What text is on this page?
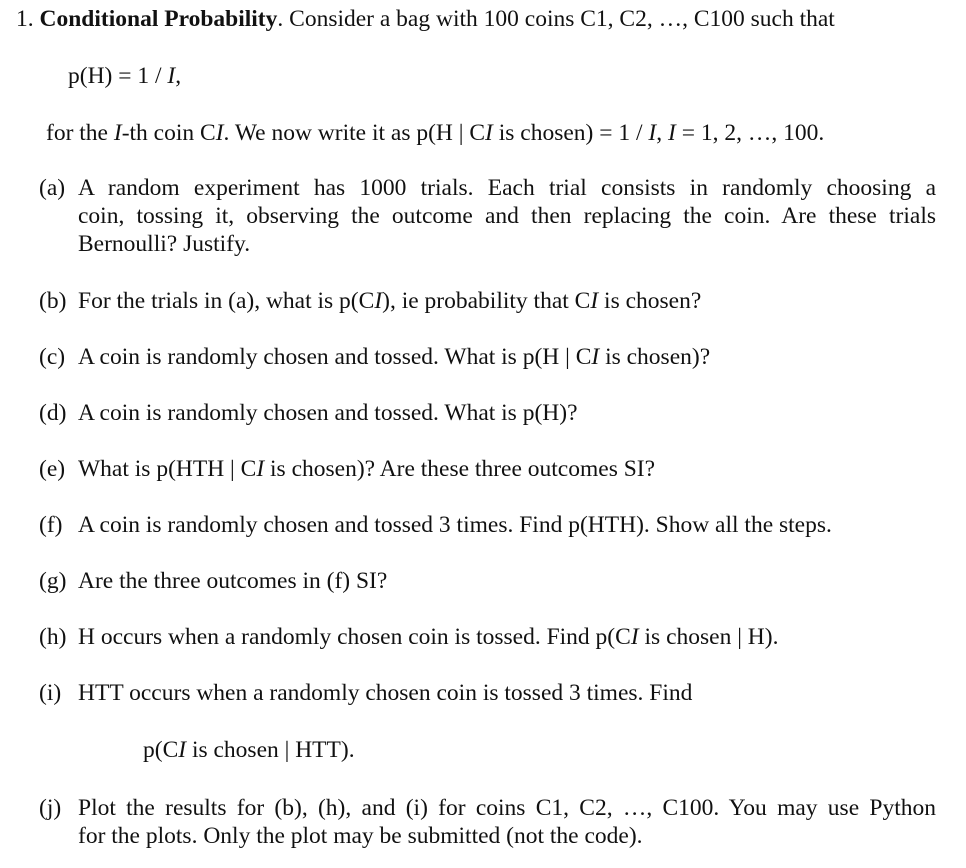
1. Conditional Probability. Consider a bag with 100 coins C1, C2, …, C100 such that
p(H) = 1 / I,
for the I-th coin CI. We now write it as p(H | CI is chosen) = 1 / I, I = 1, 2, …, 100.
(a) A random experiment has 1000 trials. Each trial consists in randomly choosing a
coin, tossing it, observing the outcome and then replacing the coin. Are these trials
Bernoulli? Justify.
(b) For the trials in (a), what is p(CI), ie probability that CI is chosen?
(c) A coin is randomly chosen and tossed. What is p(H | CI is chosen)?
(d) A coin is randomly chosen and tossed. What is p(H)?
(e) What is p(HTH | CI is chosen)? Are these three outcomes SI?
(f) A coin is randomly chosen and tossed 3 times. Find p(HTH). Show all the steps.
(g) Are the three outcomes in (f) SI?
(h) H occurs when a randomly chosen coin is tossed. Find p(CI is chosen | H).
(i) HTT occurs when a randomly chosen coin is tossed 3 times. Find
p(CI is chosen | HTT).
(j) Plot the results for (b), (h), and (i) for coins C1, C2, …, C100. You may use Python
for the plots. Only the plot may be submitted (not the code).
